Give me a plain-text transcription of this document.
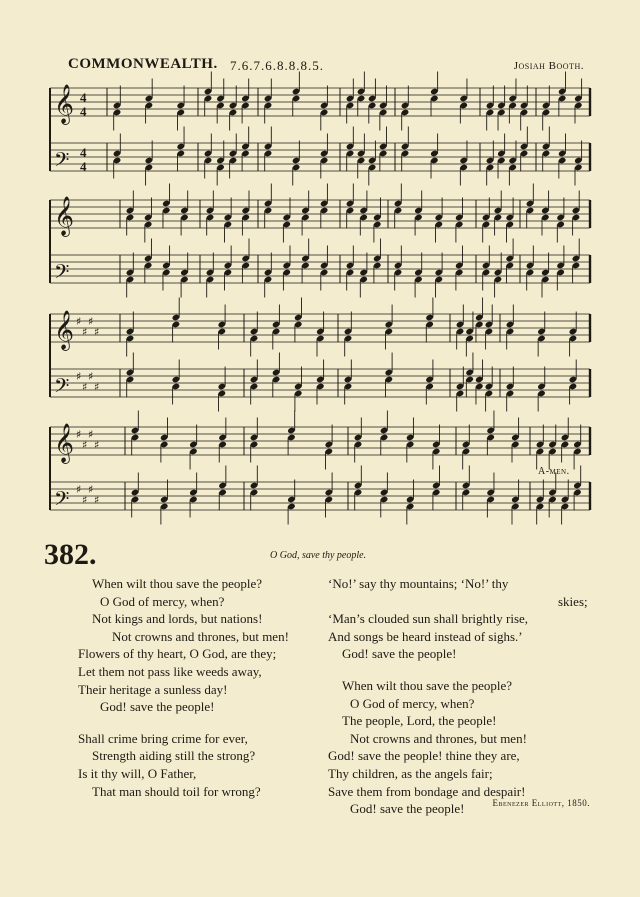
COMMONWEALTH. 7.6.7.6.8.8.8.5.	Josiah Booth.
𝄞 4
4
𝄢 4
4
𝄞
𝄢
𝄞 ♯
♯
♯
♯
𝄢 ♯
♯
♯
♯
𝄞 ♯
♯
♯
♯
𝄢 ♯
♯
♯
♯
A-men.
382.	O God, save thy people.
When wilt thou save the people?
O God of mercy, when?
Not kings and lords, but nations!
Not crowns and thrones, but men!
Flowers of thy heart, O God, are they;
Let them not pass like weeds away,
Their heritage a sunless day!
God! save the people!
Shall crime bring crime for ever,
Strength aiding still the strong?
Is it thy will, O Father,
That man should toil for wrong?
‘No!’ say thy mountains; ‘No!’ thy
skies;
‘Man’s clouded sun shall brightly rise,
And songs be heard instead of sighs.’
God! save the people!
When wilt thou save the people?
O God of mercy, when?
The people, Lord, the people!
Not crowns and thrones, but men!
God! save the people! thine they are,
Thy children, as the angels fair;
Save them from bondage and despair!
God! save the people!	Ebenezer Elliott, 1850.
